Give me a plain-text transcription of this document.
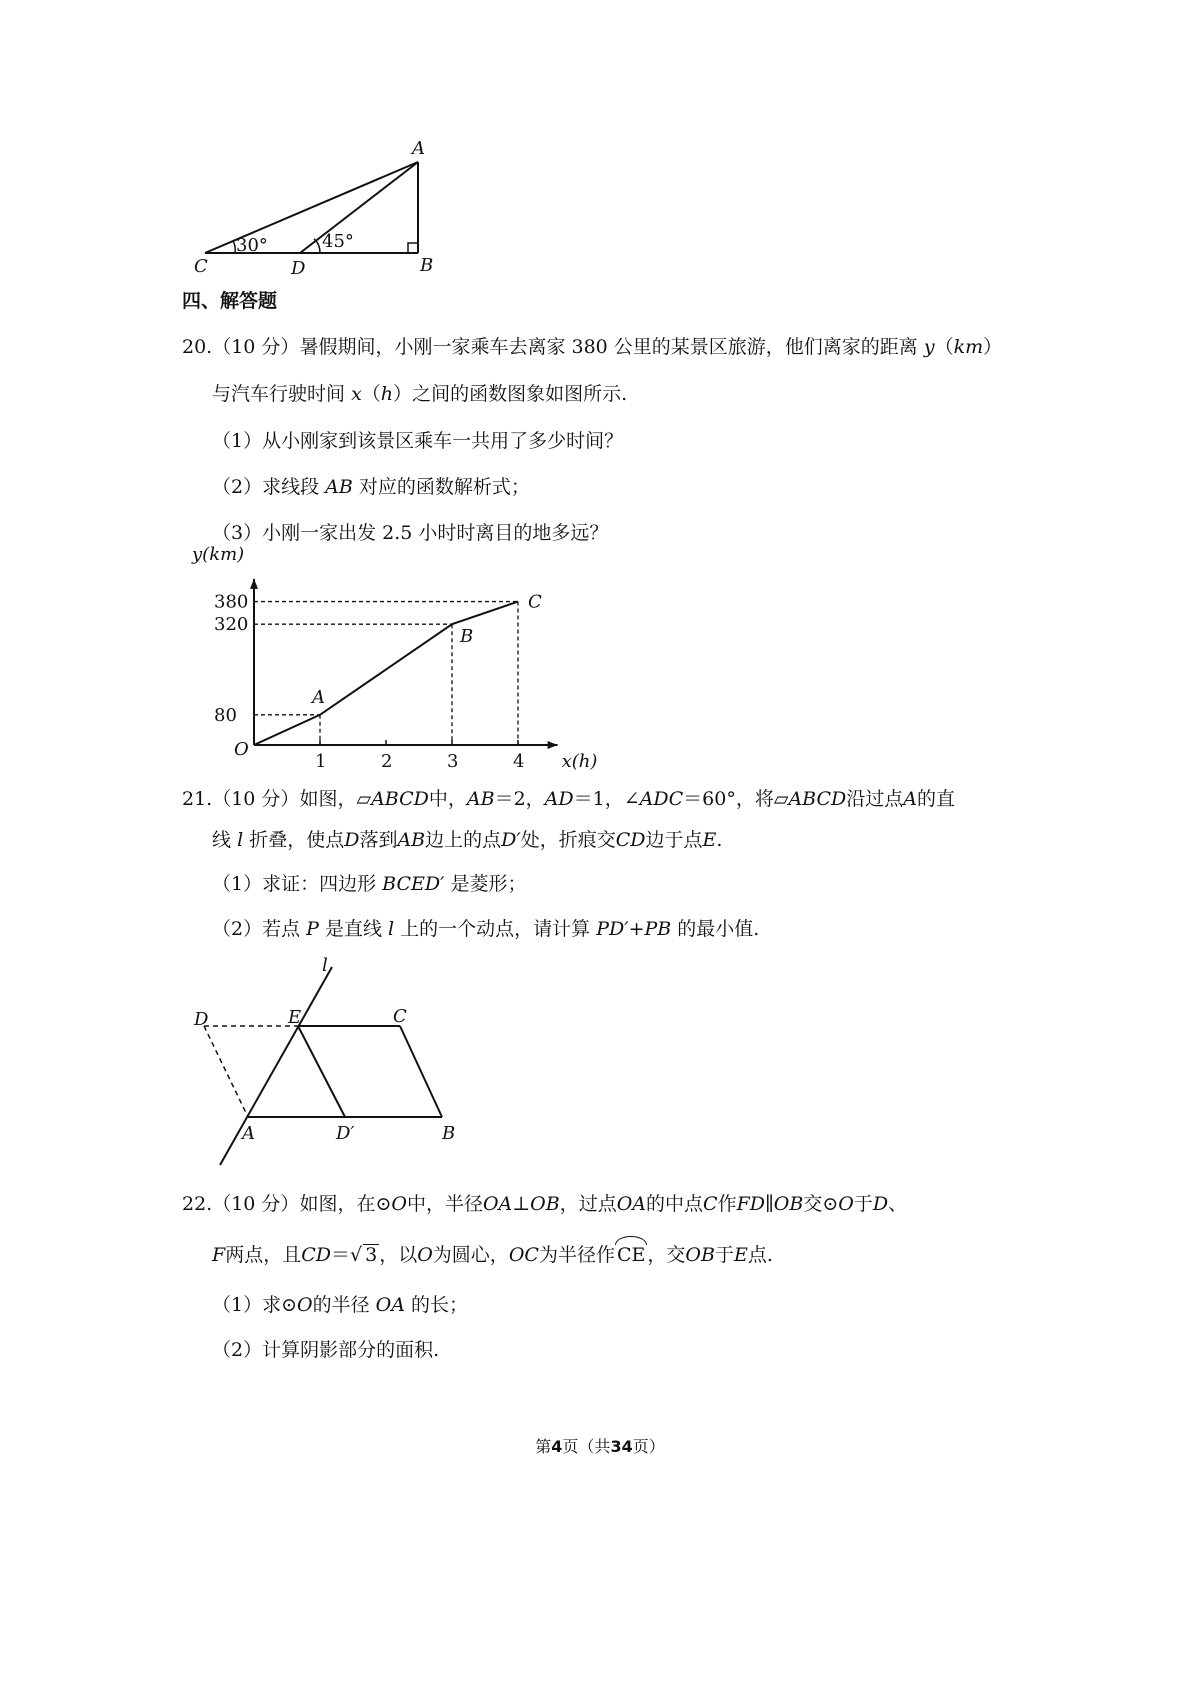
A
B
C	D
30°	45°
四、解答题
20.（10 分）暑假期间，小刚一家乘车去离家 380 公里的某景区旅游，他们离家的距离 y（km）
与汽车行驶时间 x（h）之间的函数图象如图所示.
（1）从小刚家到该景区乘车一共用了多少时间？
（2）求线段 AB 对应的函数解析式；
（3）小刚一家出发 2.5 小时时离目的地多远？
1	2	3	4
80
320
380
A
B
C
O
y(km)
x(h)
21.（10 分）如图，▱ABCD中，AB＝2，AD＝1，∠ADC＝60°，将▱ABCD沿过点A的直
线 l 折叠，使点D落到AB边上的点D′处，折痕交CD边于点E.
（1）求证：四边形 BCED′ 是菱形；
（2）若点 P 是直线 l 上的一个动点，请计算 PD′+PB 的最小值.
l
D	E	C
A	D′	B
22.（10 分）如图，在⊙O中，半径OA⊥OB，过点OA的中点C作FD∥OB交⊙O于D、
F两点，且CD＝√ 3 ，以O为圆心，OC为半径作 CE ，交OB于E点.
（1）求⊙O的半径 OA 的长；
（2）计算阴影部分的面积.
第4页（共34页）
